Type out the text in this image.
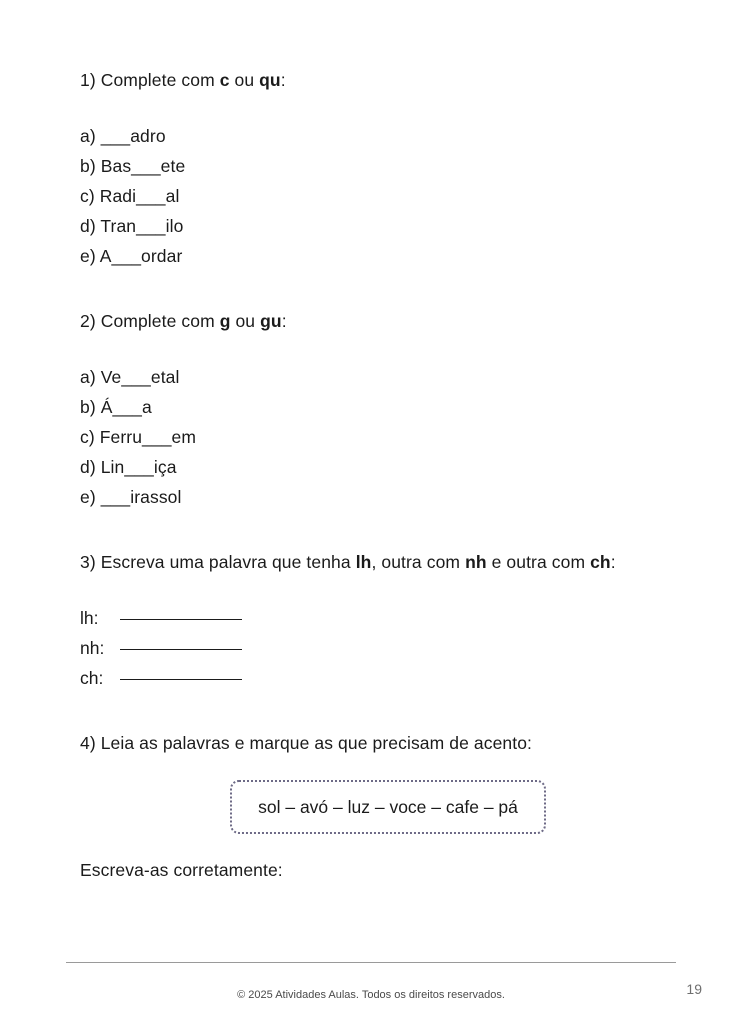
1) Complete com c ou qu:

a) ___adro
b) Bas___ete
c) Radi___al
d) Tran___ilo
e) A___ordar

2) Complete com g ou gu:

a) Ve___etal
b) Á___a
c) Ferru___em
d) Lin___iça
e) ___irassol

3) Escreva uma palavra que tenha lh, outra com nh e outra com ch:

lh:
nh:
ch:

4) Leia as palavras e marque as que precisam de acento:

sol – avó – luz – voce – cafe – pá

Escreva-as corretamente:

© 2025 Atividades Aulas. Todos os direitos reservados.	19
